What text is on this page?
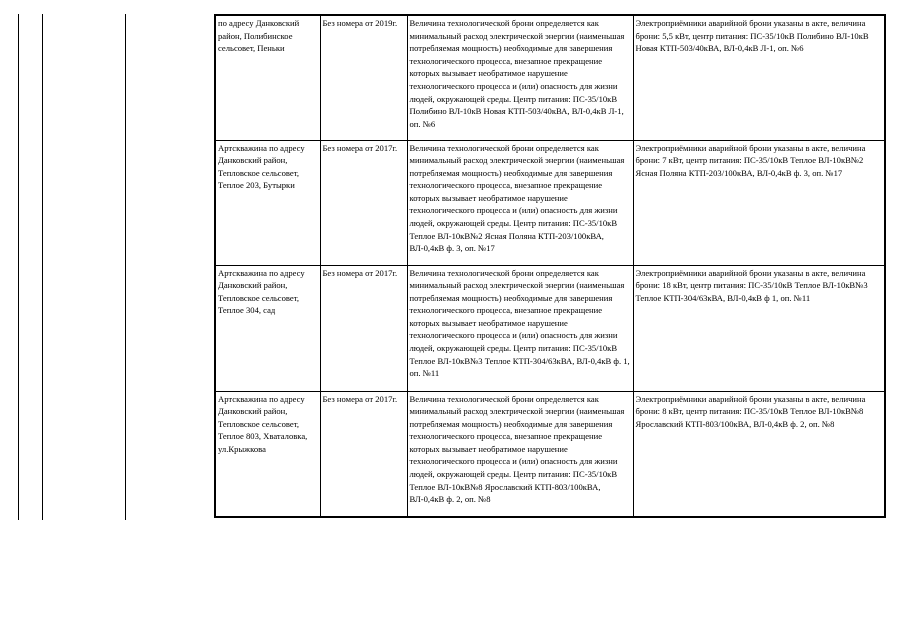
по адресу Данковский район, Полибинское сельсовет, Пеньки	Без номера от 2019г.	Величина технологической брони определяется как минимальный расход электрической энергии (наименьшая потребляемая мощность) необходимые для завершения технологического процесса, внезапное прекращение которых вызывает необратимое нарушение технологического процесса и (или) опасность для жизни людей, окружающей среды. Центр питания: ПС-35/10кВ Полибино ВЛ-10кВ Новая КТП-503/40кВА, ВЛ-0,4кВ Л-1, оп. №6	Электроприёмники аварийной брони указаны в акте, величина брони: 5,5 кВт, центр питания: ПС-35/10кВ Полибино ВЛ-10кВ Новая КТП-503/40кВА, ВЛ-0,4кВ Л-1, оп. №6
Артскважина по адресу Данковский район, Тепловское сельсовет, Теплое 203, Бутырки	Без номера от 2017г.	Величина технологической брони определяется как минимальный расход электрической энергии (наименьшая потребляемая мощность) необходимые для завершения технологического процесса, внезапное прекращение которых вызывает необратимое нарушение технологического процесса и (или) опасность для жизни людей, окружающей среды. Центр питания: ПС-35/10кВ Теплое ВЛ-10кВ№2 Ясная Поляна КТП-203/100кВА, ВЛ-0,4кВ ф. 3, оп. №17	Электроприёмники аварийной брони указаны в акте, величина брони: 7 кВт, центр питания: ПС-35/10кВ Теплое ВЛ-10кВ№2 Ясная Поляна КТП-203/100кВА, ВЛ-0,4кВ ф. 3, оп. №17
Артскважина по адресу Данковский район, Тепловское сельсовет, Теплое 304, сад	Без номера от 2017г.	Величина технологической брони определяется как минимальный расход электрической энергии (наименьшая потребляемая мощность) необходимые для завершения технологического процесса, внезапное прекращение которых вызывает необратимое нарушение технологического процесса и (или) опасность для жизни людей, окружающей среды. Центр питания: ПС-35/10кВ Теплое ВЛ-10кВ№3 Теплое КТП-304/63кВА, ВЛ-0,4кВ ф. 1, оп. №11	Электроприёмники аварийной брони указаны в акте, величина брони: 18 кВт, центр питания: ПС-35/10кВ Теплое ВЛ-10кВ№3 Теплое КТП-304/63кВА, ВЛ-0,4кВ ф 1, оп. №11
Артскважина по адресу Данковский район, Тепловское сельсовет, Теплое 803, Хваталовка, ул.Крыжкова	Без номера от 2017г.	Величина технологической брони определяется как минимальный расход электрической энергии (наименьшая потребляемая мощность) необходимые для завершения технологического процесса, внезапное прекращение которых вызывает необратимое нарушение технологического процесса и (или) опасность для жизни людей, окружающей среды. Центр питания: ПС-35/10кВ Теплое ВЛ-10кВ№8 Ярославский КТП-803/100кВА, ВЛ-0,4кВ ф. 2, оп. №8	Электроприёмники аварийной брони указаны в акте, величина брони: 8 кВт, центр питания: ПС-35/10кВ Теплое ВЛ-10кВ№8 Ярославский КТП-803/100кВА, ВЛ-0,4кВ ф. 2, оп. №8
